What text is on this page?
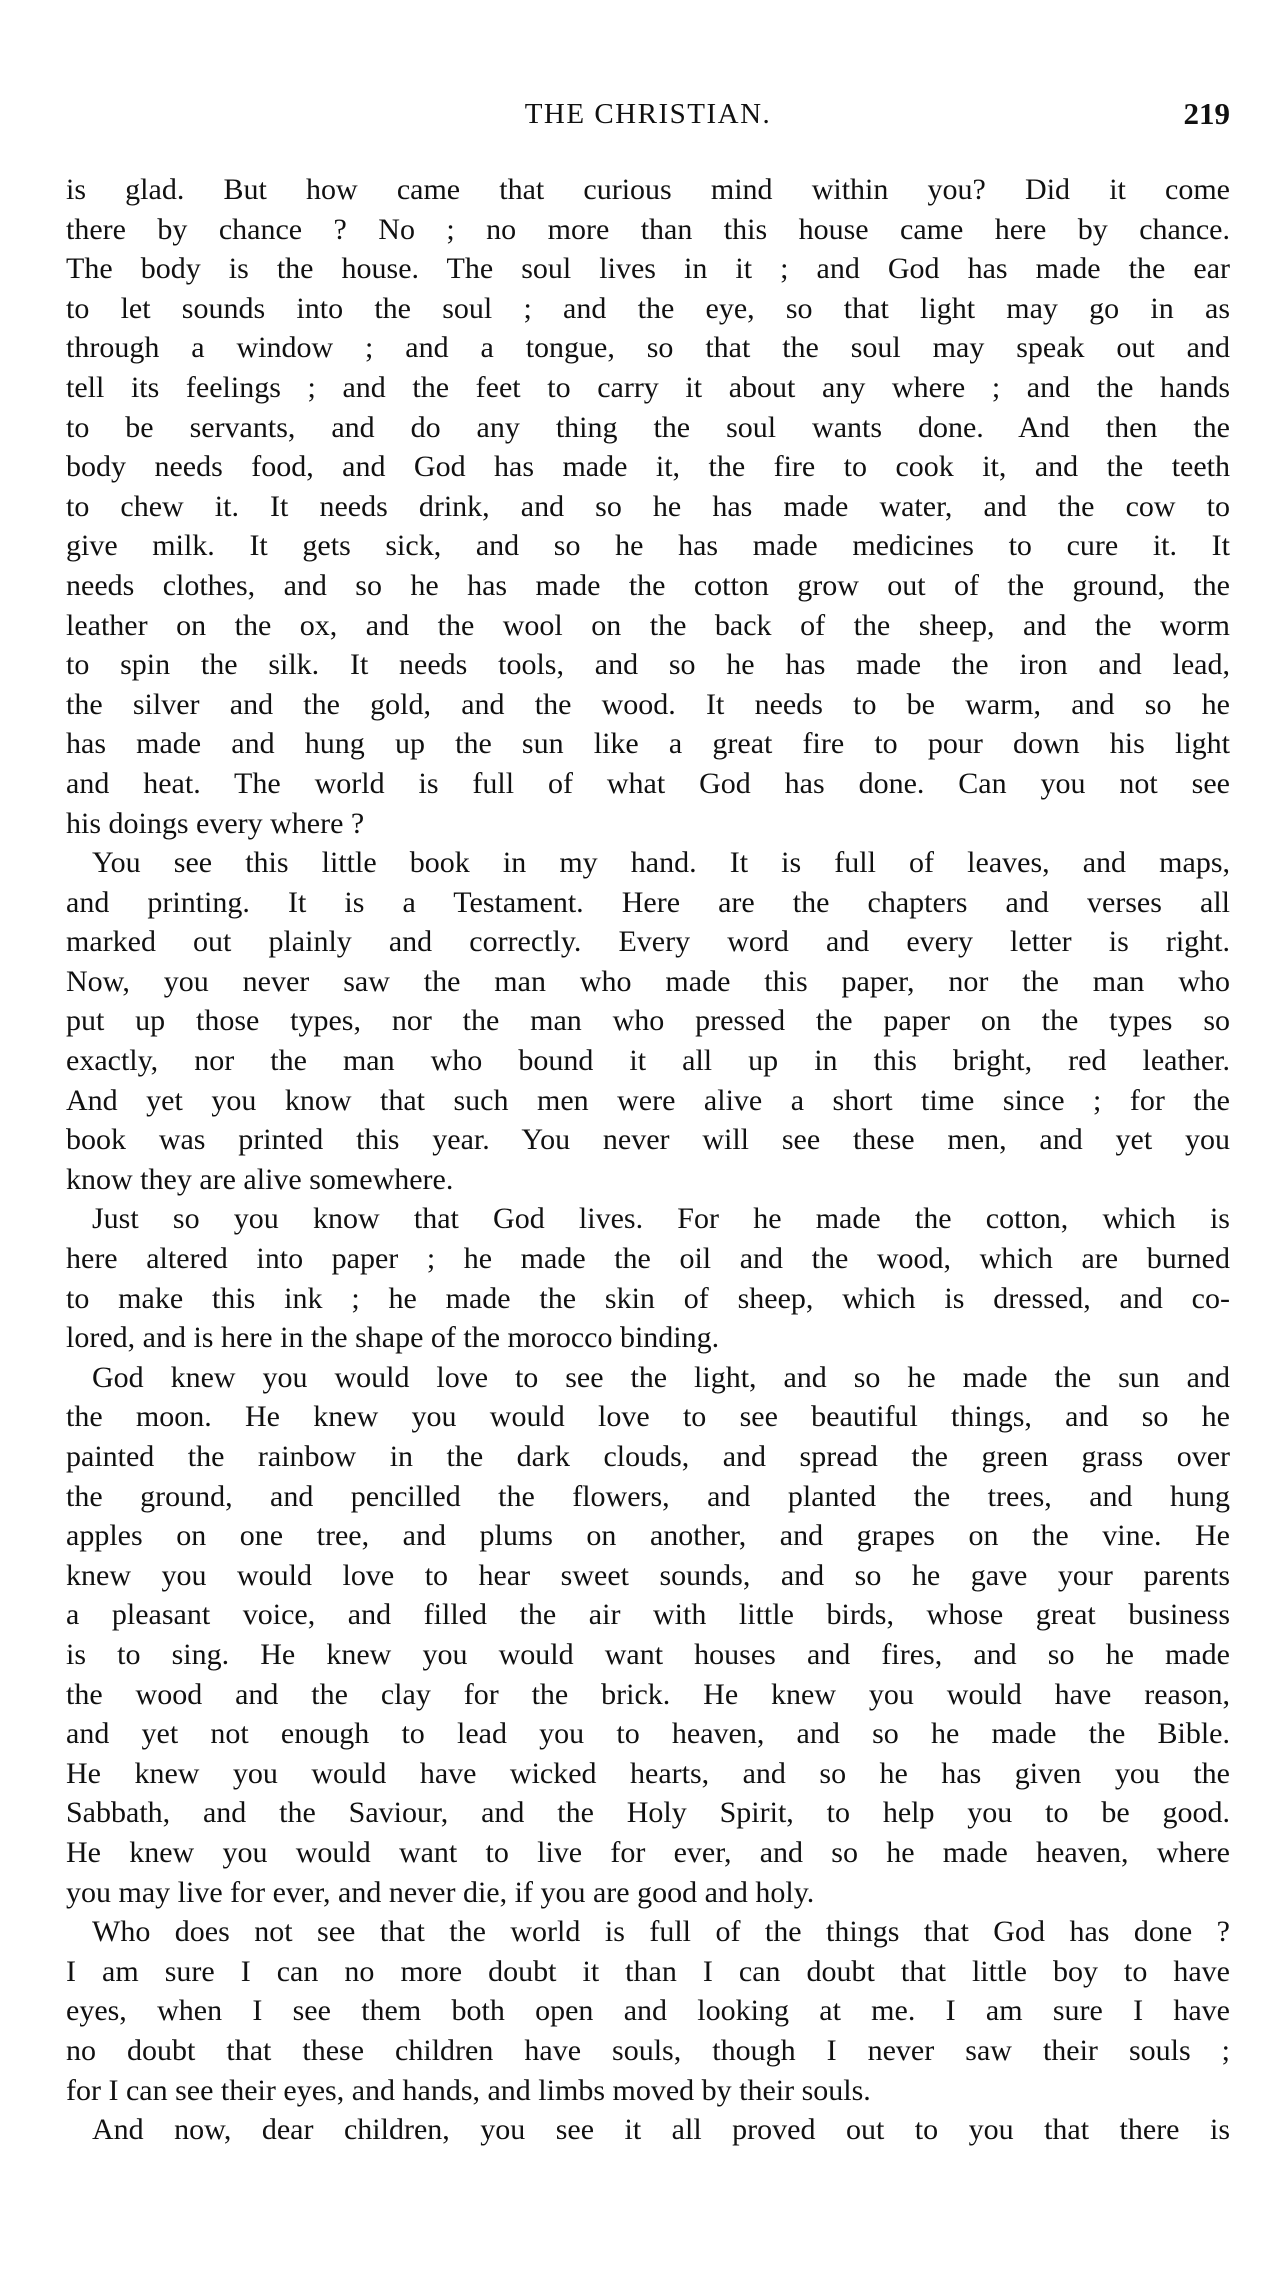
THE CHRISTIAN.	219
is glad. But how came that curious mind within you? Did it come
there by chance ? No ; no more than this house came here by chance.
The body is the house. The soul lives in it ; and God has made the ear
to let sounds into the soul ; and the eye, so that light may go in as
through a window ; and a tongue, so that the soul may speak out and
tell its feelings ; and the feet to carry it about any where ; and the hands
to be servants, and do any thing the soul wants done. And then the
body needs food, and God has made it, the fire to cook it, and the teeth
to chew it. It needs drink, and so he has made water, and the cow to
give milk. It gets sick, and so he has made medicines to cure it. It
needs clothes, and so he has made the cotton grow out of the ground, the
leather on the ox, and the wool on the back of the sheep, and the worm
to spin the silk. It needs tools, and so he has made the iron and lead,
the silver and the gold, and the wood. It needs to be warm, and so he
has made and hung up the sun like a great fire to pour down his light
and heat. The world is full of what God has done. Can you not see
his doings every where ?
You see this little book in my hand. It is full of leaves, and maps,
and printing. It is a Testament. Here are the chapters and verses all
marked out plainly and correctly. Every word and every letter is right.
Now, you never saw the man who made this paper, nor the man who
put up those types, nor the man who pressed the paper on the types so
exactly, nor the man who bound it all up in this bright, red leather.
And yet you know that such men were alive a short time since ; for the
book was printed this year. You never will see these men, and yet you
know they are alive somewhere.
Just so you know that God lives. For he made the cotton, which is
here altered into paper ; he made the oil and the wood, which are burned
to make this ink ; he made the skin of sheep, which is dressed, and co-
lored, and is here in the shape of the morocco binding.
God knew you would love to see the light, and so he made the sun and
the moon. He knew you would love to see beautiful things, and so he
painted the rainbow in the dark clouds, and spread the green grass over
the ground, and pencilled the flowers, and planted the trees, and hung
apples on one tree, and plums on another, and grapes on the vine. He
knew you would love to hear sweet sounds, and so he gave your parents
a pleasant voice, and filled the air with little birds, whose great business
is to sing. He knew you would want houses and fires, and so he made
the wood and the clay for the brick. He knew you would have reason,
and yet not enough to lead you to heaven, and so he made the Bible.
He knew you would have wicked hearts, and so he has given you the
Sabbath, and the Saviour, and the Holy Spirit, to help you to be good.
He knew you would want to live for ever, and so he made heaven, where
you may live for ever, and never die, if you are good and holy.
Who does not see that the world is full of the things that God has done ?
I am sure I can no more doubt it than I can doubt that little boy to have
eyes, when I see them both open and looking at me. I am sure I have
no doubt that these children have souls, though I never saw their souls ;
for I can see their eyes, and hands, and limbs moved by their souls.
And now, dear children, you see it all proved out to you that there is
